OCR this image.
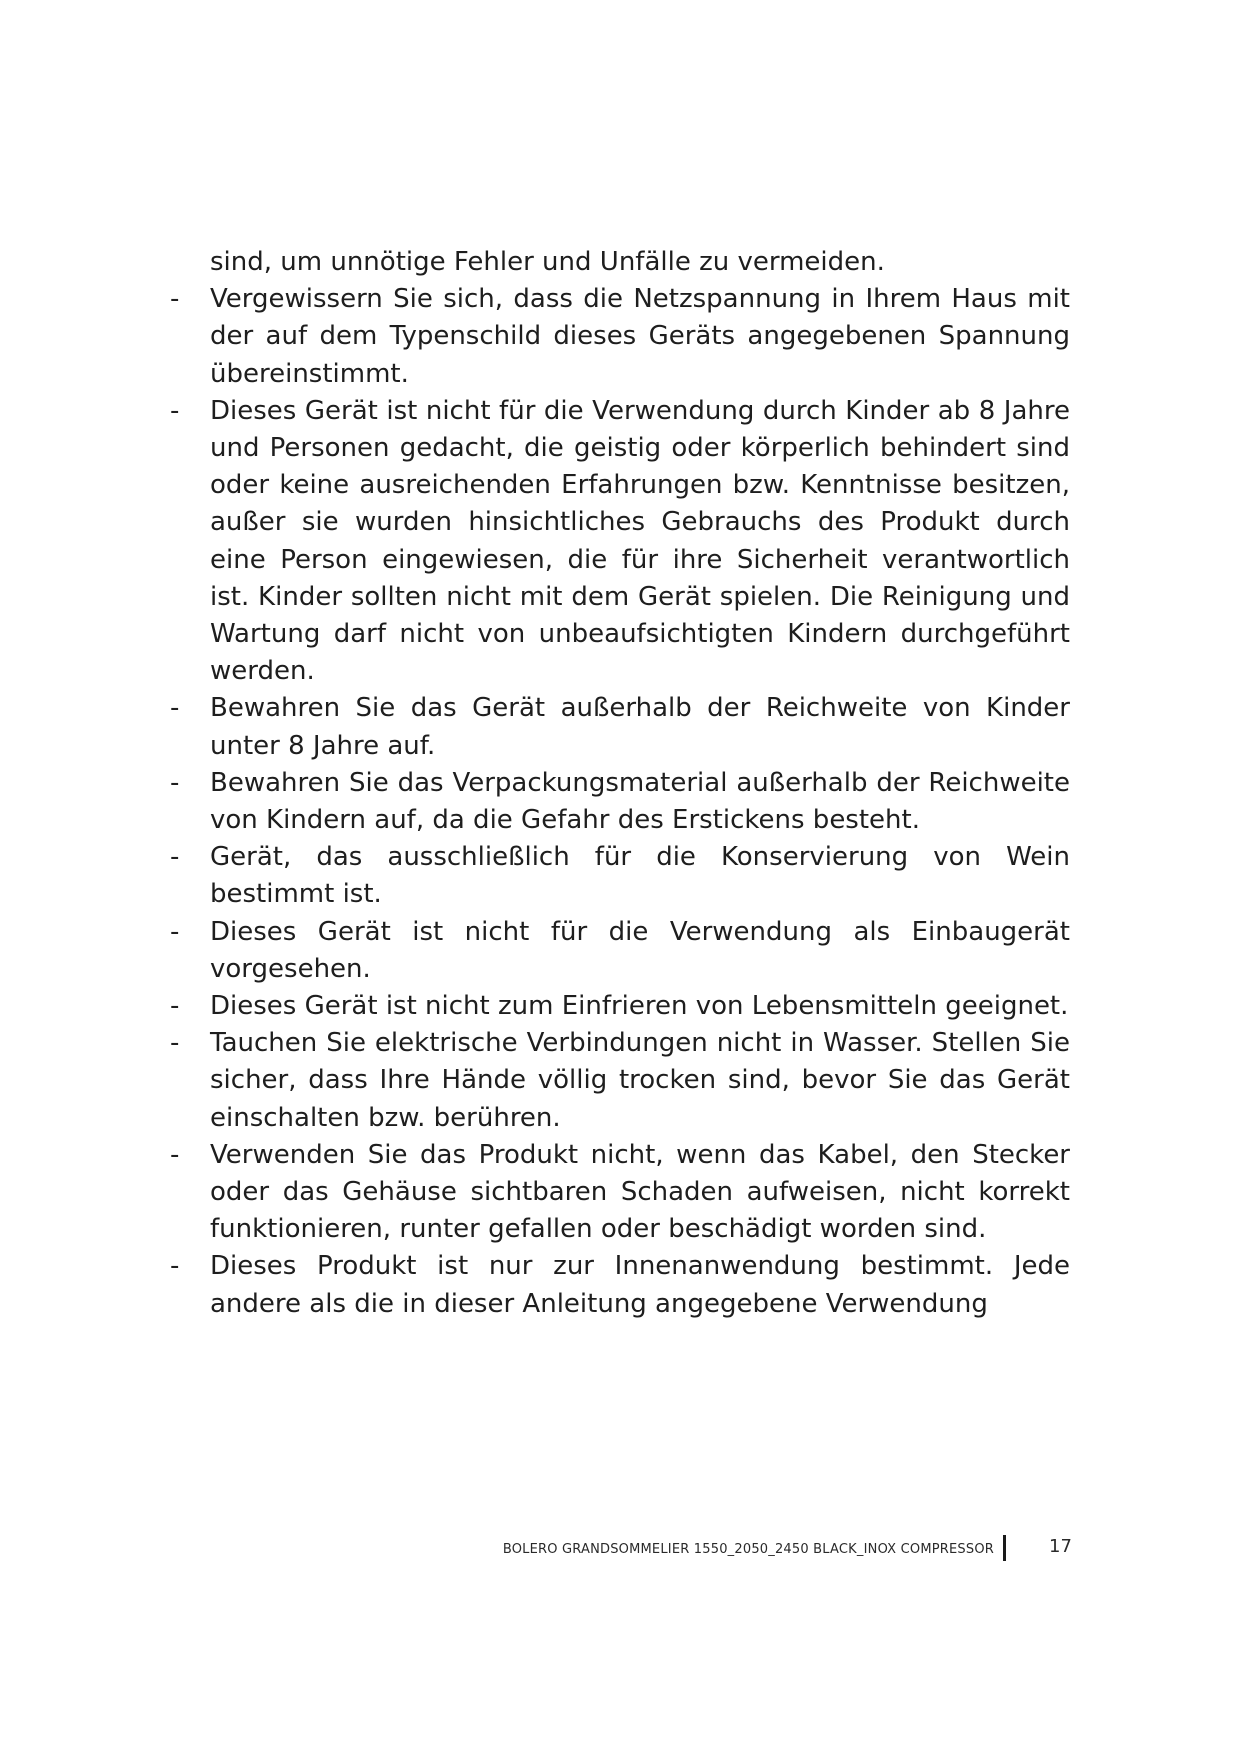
sind, um unnötige Fehler und Unfälle zu vermeiden.
- Vergewissern Sie sich, dass die Netzspannung in Ihrem Haus mit der auf dem Typenschild dieses Geräts angegebenen Spannung übereinstimmt.
- Dieses Gerät ist nicht für die Verwendung durch Kinder ab 8 Jahre und Personen gedacht, die geistig oder körperlich behindert sind oder keine ausreichenden Erfahrungen bzw. Kenntnisse besitzen, außer sie wurden hinsichtliches Gebrauchs des Produkt durch eine Person eingewiesen, die für ihre Sicherheit verantwortlich ist. Kinder sollten nicht mit dem Gerät spielen. Die Reinigung und Wartung darf nicht von unbeaufsichtigten Kindern durchgeführt werden.
- Bewahren Sie das Gerät außerhalb der Reichweite von Kinder unter 8 Jahre auf.
- Bewahren Sie das Verpackungsmaterial außerhalb der Reichweite von Kindern auf, da die Gefahr des Erstickens besteht.
- Gerät, das ausschließlich für die Konservierung von Wein bestimmt ist.
- Dieses Gerät ist nicht für die Verwendung als Einbaugerät vorgesehen.
- Dieses Gerät ist nicht zum Einfrieren von Lebensmitteln geeignet.
- Tauchen Sie elektrische Verbindungen nicht in Wasser. Stellen Sie sicher, dass Ihre Hände völlig trocken sind, bevor Sie das Gerät einschalten bzw. berühren.
- Verwenden Sie das Produkt nicht, wenn das Kabel, den Stecker oder das Gehäuse sichtbaren Schaden aufweisen, nicht korrekt funktionieren, runter gefallen oder beschädigt worden sind.
- Dieses Produkt ist nur zur Innenanwendung bestimmt. Jede andere als die in dieser Anleitung angegebene Verwendung
BOLERO GRANDSOMMELIER 1550_2050_2450 BLACK_INOX COMPRESSOR	17
